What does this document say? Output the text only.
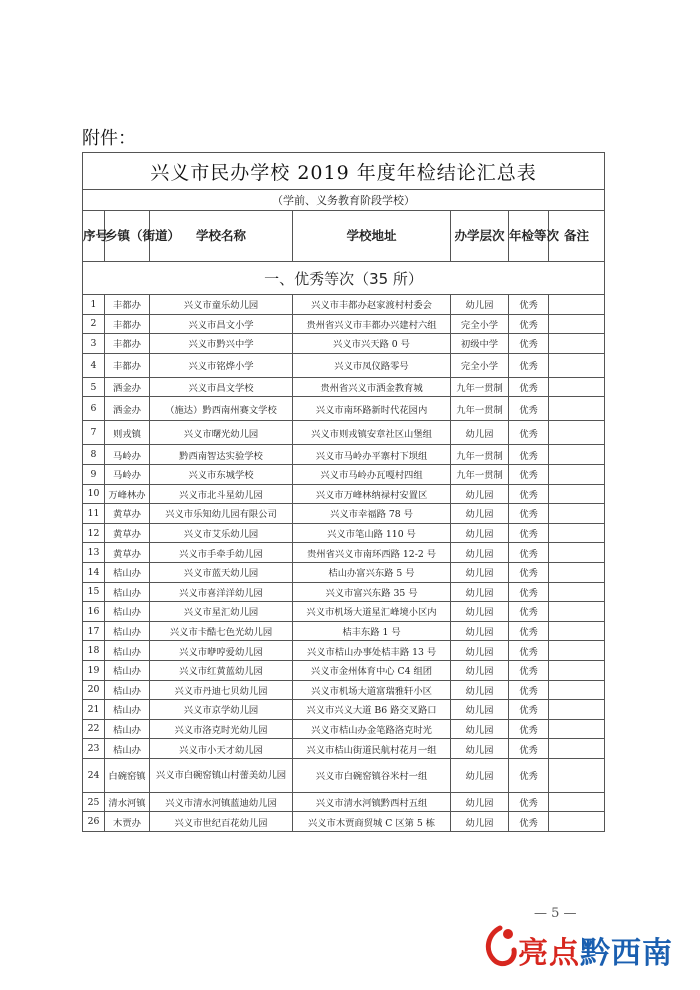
附件：
兴义市民办学校 2019 年度年检结论汇总表						
（学前、义务教育阶段学校）						
序号	乡镇（街道）	学校名称	学校地址	办学层次	年检等次	备注
一、优秀等次（35 所）						
1	丰都办	兴义市童乐幼儿园	兴义市丰都办赵家渡村村委会	幼儿园	优秀	
2	丰都办	兴义市昌文小学	贵州省兴义市丰都办兴建村六组	完全小学	优秀	
3	丰都办	兴义市黔兴中学	兴义市兴天路 0 号	初级中学	优秀	
4	丰都办	兴义市铭烨小学	兴义市凤仪路零号	完全小学	优秀	
5	洒金办	兴义市昌文学校	贵州省兴义市洒金教育城	九年一贯制	优秀	
6	洒金办	（施达）黔西南州赛文学校	兴义市南环路新时代花园内	九年一贯制	优秀	
7	则戎镇	兴义市曙光幼儿园	兴义市则戎镇安章社区山堡组	幼儿园	优秀	
8	马岭办	黔西南智达实验学校	兴义市马岭办平寨村下坝组	九年一贯制	优秀	
9	马岭办	兴义市东城学校	兴义市马岭办瓦嘎村四组	九年一贯制	优秀	
10	万峰林办	兴义市北斗星幼儿园	兴义市万峰林纳禄村安置区	幼儿园	优秀	
11	黄草办	兴义市乐知幼儿园有限公司	兴义市幸福路 78 号	幼儿园	优秀	
12	黄草办	兴义市艾乐幼儿园	兴义市笔山路 110 号	幼儿园	优秀	
13	黄草办	兴义市手牵手幼儿园	贵州省兴义市南环西路 12-2 号	幼儿园	优秀	
14	桔山办	兴义市蓝天幼儿园	桔山办富兴东路 5 号	幼儿园	优秀	
15	桔山办	兴义市喜洋洋幼儿园	兴义市富兴东路 35 号	幼儿园	优秀	
16	桔山办	兴义市星汇幼儿园	兴义市机场大道星汇峰境小区内	幼儿园	优秀	
17	桔山办	兴义市卡酷七色光幼儿园	桔丰东路 1 号	幼儿园	优秀	
18	桔山办	兴义市咿哼爱幼儿园	兴义市桔山办事处桔丰路 13 号	幼儿园	优秀	
19	桔山办	兴义市红黄蓝幼儿园	兴义市金州体育中心 C4 组团	幼儿园	优秀	
20	桔山办	兴义市丹迪七贝幼儿园	兴义市机场大道富瑞雅轩小区	幼儿园	优秀	
21	桔山办	兴义市京学幼儿园	兴义市兴义大道 B6 路交叉路口	幼儿园	优秀	
22	桔山办	兴义市洛克时光幼儿园	兴义市桔山办金笔路洛克时光	幼儿园	优秀	
23	桔山办	兴义市小天才幼儿园	兴义市桔山街道民航村花月一组	幼儿园	优秀	
24	白碗窑镇	兴义市白碗窑镇山村蕾美幼儿园	兴义市白碗窑镇谷米村一组	幼儿园	优秀	
25	清水河镇	兴义市清水河镇蓝迪幼儿园	兴义市清水河镇黔西村五组	幼儿园	优秀	
26	木贾办	兴义市世纪百花幼儿园	兴义市木贾商贸城 C 区第 5 栋	幼儿园	优秀	
— 5 —
亮点黔西南
